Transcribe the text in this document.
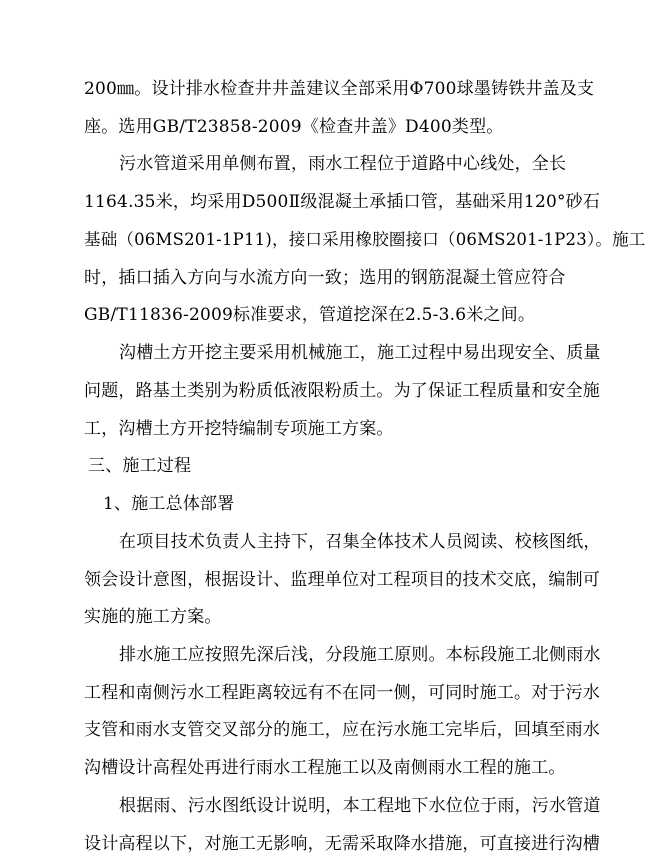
200㎜。设计排水检查井井盖建议全部采用Φ700球墨铸铁井盖及支
座。选用GB/T23858-2009《检查井盖》D400类型。
污水管道采用单侧布置，雨水工程位于道路中心线处，全长
1164.35米，均采用D500Ⅱ级混凝土承插口管，基础采用120°砂石
基础（06MS201-1P11)，接口采用橡胶圈接口（06MS201-1P23）。施工
时，插口插入方向与水流方向一致；选用的钢筋混凝土管应符合
GB/T11836-2009标准要求，管道挖深在2.5-3.6米之间。
沟槽土方开挖主要采用机械施工，施工过程中易出现安全、质量
问题，路基土类别为粉质低液限粉质土。为了保证工程质量和安全施
工，沟槽土方开挖特编制专项施工方案。
三、施工过程
1、施工总体部署
在项目技术负责人主持下，召集全体技术人员阅读、校核图纸，
领会设计意图，根据设计、监理单位对工程项目的技术交底，编制可
实施的施工方案。
排水施工应按照先深后浅，分段施工原则。本标段施工北侧雨水
工程和南侧污水工程距离较远有不在同一侧，可同时施工。对于污水
支管和雨水支管交叉部分的施工，应在污水施工完毕后，回填至雨水
沟槽设计高程处再进行雨水工程施工以及南侧雨水工程的施工。
根据雨、污水图纸设计说明，本工程地下水位位于雨，污水管道
设计高程以下，对施工无影响，无需采取降水措施，可直接进行沟槽
